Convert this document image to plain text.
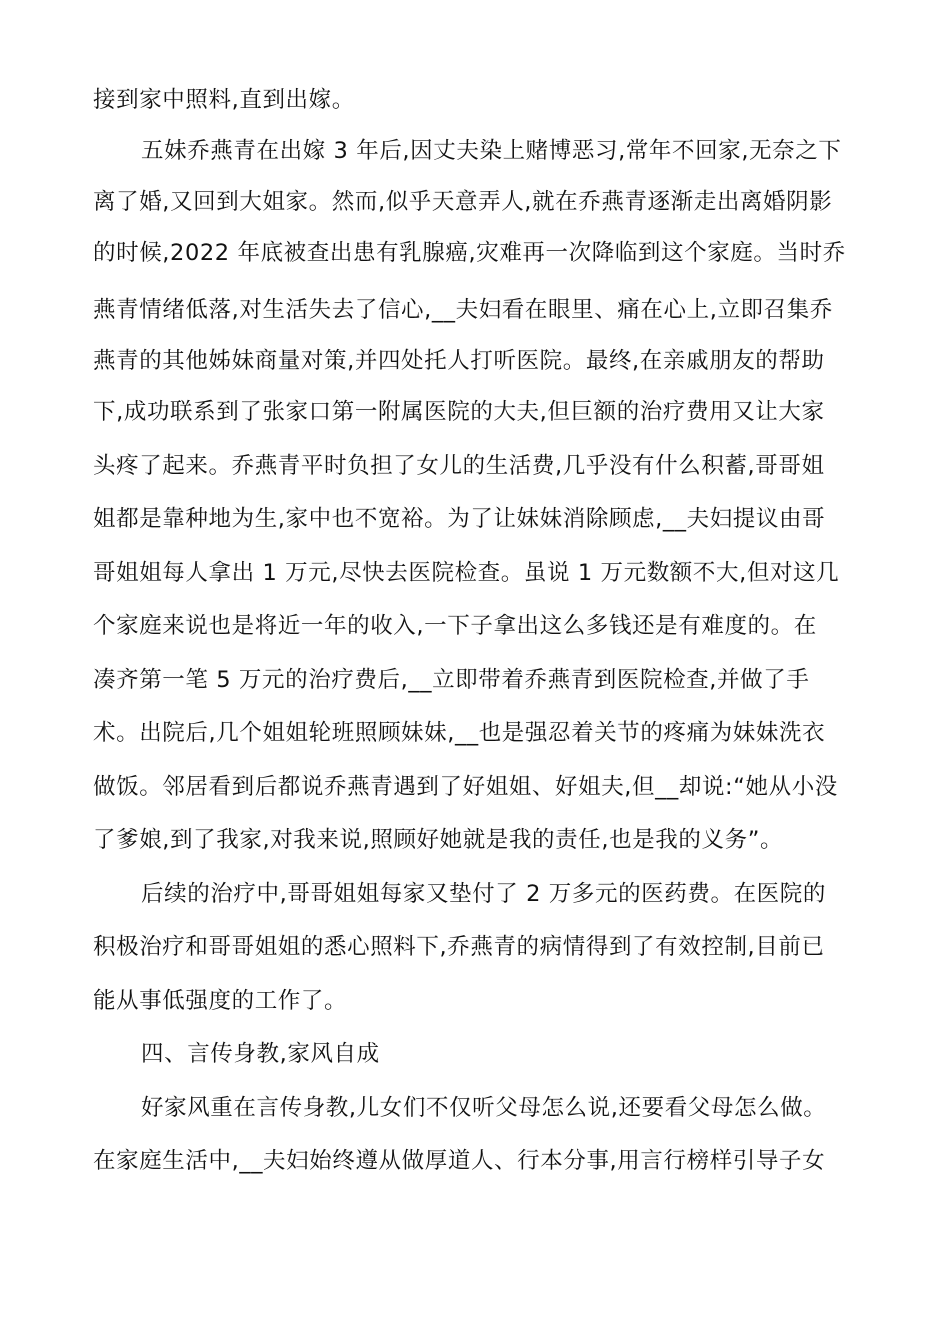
接到家中照料,直到出嫁。
五妹乔燕青在出嫁 3 年后,因丈夫染上赌博恶习,常年不回家,无奈之下
离了婚,又回到大姐家。然而,似乎天意弄人,就在乔燕青逐渐走出离婚阴影
的时候,2022 年底被查出患有乳腺癌,灾难再一次降临到这个家庭。当时乔
燕青情绪低落,对生活失去了信心,__夫妇看在眼里、痛在心上,立即召集乔
燕青的其他姊妹商量对策,并四处托人打听医院。最终,在亲戚朋友的帮助
下,成功联系到了张家口第一附属医院的大夫,但巨额的治疗费用又让大家
头疼了起来。乔燕青平时负担了女儿的生活费,几乎没有什么积蓄,哥哥姐
姐都是靠种地为生,家中也不宽裕。为了让妹妹消除顾虑,__夫妇提议由哥
哥姐姐每人拿出 1 万元,尽快去医院检查。虽说 1 万元数额不大,但对这几
个家庭来说也是将近一年的收入,一下子拿出这么多钱还是有难度的。在
凑齐第一笔 5 万元的治疗费后,__立即带着乔燕青到医院检查,并做了手
术。出院后,几个姐姐轮班照顾妹妹,__也是强忍着关节的疼痛为妹妹洗衣
做饭。邻居看到后都说乔燕青遇到了好姐姐、好姐夫,但__却说:“她从小没
了爹娘,到了我家,对我来说,照顾好她就是我的责任,也是我的义务”。
后续的治疗中,哥哥姐姐每家又垫付了 2 万多元的医药费。在医院的
积极治疗和哥哥姐姐的悉心照料下,乔燕青的病情得到了有效控制,目前已
能从事低强度的工作了。
四、言传身教,家风自成
好家风重在言传身教,儿女们不仅听父母怎么说,还要看父母怎么做。
在家庭生活中,__夫妇始终遵从做厚道人、行本分事,用言行榜样引导子女
